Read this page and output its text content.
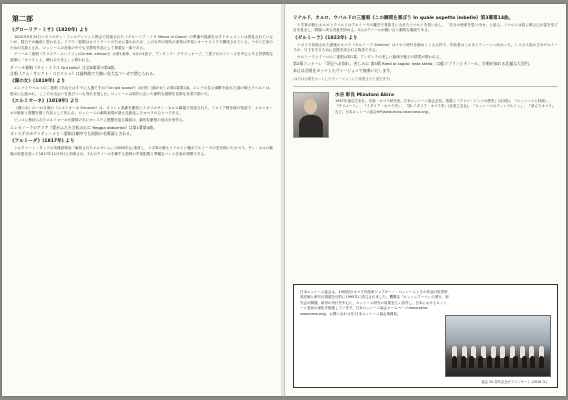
第二部
《グローリア・ミサ》(1820年) より

1820年9月24日ナポリのサン・フェルディナンド教会で初演された《グローリア・ミサ Messa di Gloria》の準備や経緯を示すドキュメントは発見されていないが、数日での編成と思われる。ソプラノ独唱はカストラートのために書かれたが、この女声の現代の演奏は声楽とオーケストラで構成されている。ナポリ王家のための式典とされ、ロッシーニの音楽の中でも宗教的作品として貴重な一曲である。

テノール二重唱《クリステ・エレイソン(Christe, eleison)》は第1楽章、4分の3拍子、アンダンテ・グラツィオーゾ。三度下行のフレーズを中心とする抒情的な旋律に「キリストよ、憐れみたまえ」と歌われる。

テノール独唱《タイ・トラス Qui tollis》は全8楽章の第4曲。
合唱《クム・サンクト・スピリトゥ》は最終曲で力強い長大なフーガで閉じられる。
《湖の女》(1819年) より

エレナとウベルトの二重唱《あなたはすでに人選ですか? Sei già sposa?》は旧作《湖の女》の第1幕第2曲。エレナの住む湖畔を訪れた謎の騎士ウベルトは、彼女に心惹かれ、ここでの出会いを喜びつつも別れを惜しむ。ロッシーニは原作に沿った劇的な展開を見事な音楽で描いた。

《エルミオーネ》(1819年) より

《湖の女》の一か月後の《エルミオーネ Ermione》は、ギリシャ悲劇を題材にナポリのサン・カルロ劇場で初演された。トロイア戦争後の物語で、エルミオーネの嫉妬と復讐を描く作品として知られ、ロッシーニの劇的表現が最も先鋭化したオペラのひとつである。

ピッロに裏切られたエルミオーネが激情の末にオレステに復讐を迫る場面は、劇的な緊張の頂点を形作る。

エレオノーラのアリア《愛がふたたび私の心に Reggia abborrita》は第1幕第4曲。
オレステのカヴァティーナと二重唱は劇中でも屈指の名場面とされる。
《アルミーダ》(1817年) より

トルクァート・タッソの英雄叙事詩『解放されたエルサレム』(1580年)に取材し、十字軍の騎士リナルドと魔女アルミーダの恋を描いたオペラ。サン・カルロ劇場の再建を祝って1817年11月9日に初演され、3人のテノールを擁する独特の声楽配置と華麗なバレエ音楽が特徴である。

リナルド、カルロ、ウバルドの三重唱《この瞬間を喜ぼう In quale aspetto imbelle》第3幕第14曲。

十字軍の騎士カルロとウバルドはアルミーダの魔法で骨抜きにされたリナルドを救い出し、「自分の使命を思い出せ」と迫る。リナルドは盾に映る己の姿を見て目を覚まし、戦場へ戻る決意を固める。3人のテノールが競い合う劇的な場面である。

《ゼルミーラ》(1822年) より

ナポリで初演された最後のオペラ《ゼルミーラ Zelmira》はナポリ時代を締めくくる大作で、作曲者はこのあとウィーンへ向かった。レスボス島の王女ゼルミーラが、父王を守るために貞節を試される物語である。

ゼルミーラとイーロの二重唱は第1幕、アンダンテの美しい旋律で親子の情愛が歌われる。

第2幕フィナーレ「災厄へお別れ、苦しみに 第5場 Riedi al soglio: irata stella」は総ソプラノとテノール、合唱が加わる壮麗な大団円。
本日は合唱をカットしたヴァージョンで演奏いたします。
(本日は合唱をカットしたヴァージョンにて演奏させて頂きます)
水谷 彰良 Mizutani Akira
1957年東京生まれ。音楽・オペラ研究家。日本ロッシーニ協会会長。著書に『プリマ・ドンナの歴史』(全3巻)、『ロッシーニと料理』、『サリエーリ』、『イタリア・オペラ史』、『新 イタリア・オペラ史』(音楽之友社)、『ロッシーニのウィンブルドン』、『消えたオペラ』など。日本ロッシーニ協会HP(www.akira-rossiniana.org)。
日本ロッシーニ協会は、19世紀のオペラ作曲家ジョアキーノ・ロッシーニとその作品の世界的再評価と研究の発展を目的に1995年に設立されました。機関誌『ロッシニアーナ』の発行、研究会の開催、新刊の刊行を中心に、ロッシーニ研究の成果を広く紹介し、日本におけるロッシーニ受容の深化を推進しています。日本ロッシーニ協会ホームページ:www.akira-rossiniana.org/。お問い合わせ先:日本ロッシーニ協会事務局。
協会 20 周年記念ガラコンサート (2016 年)
